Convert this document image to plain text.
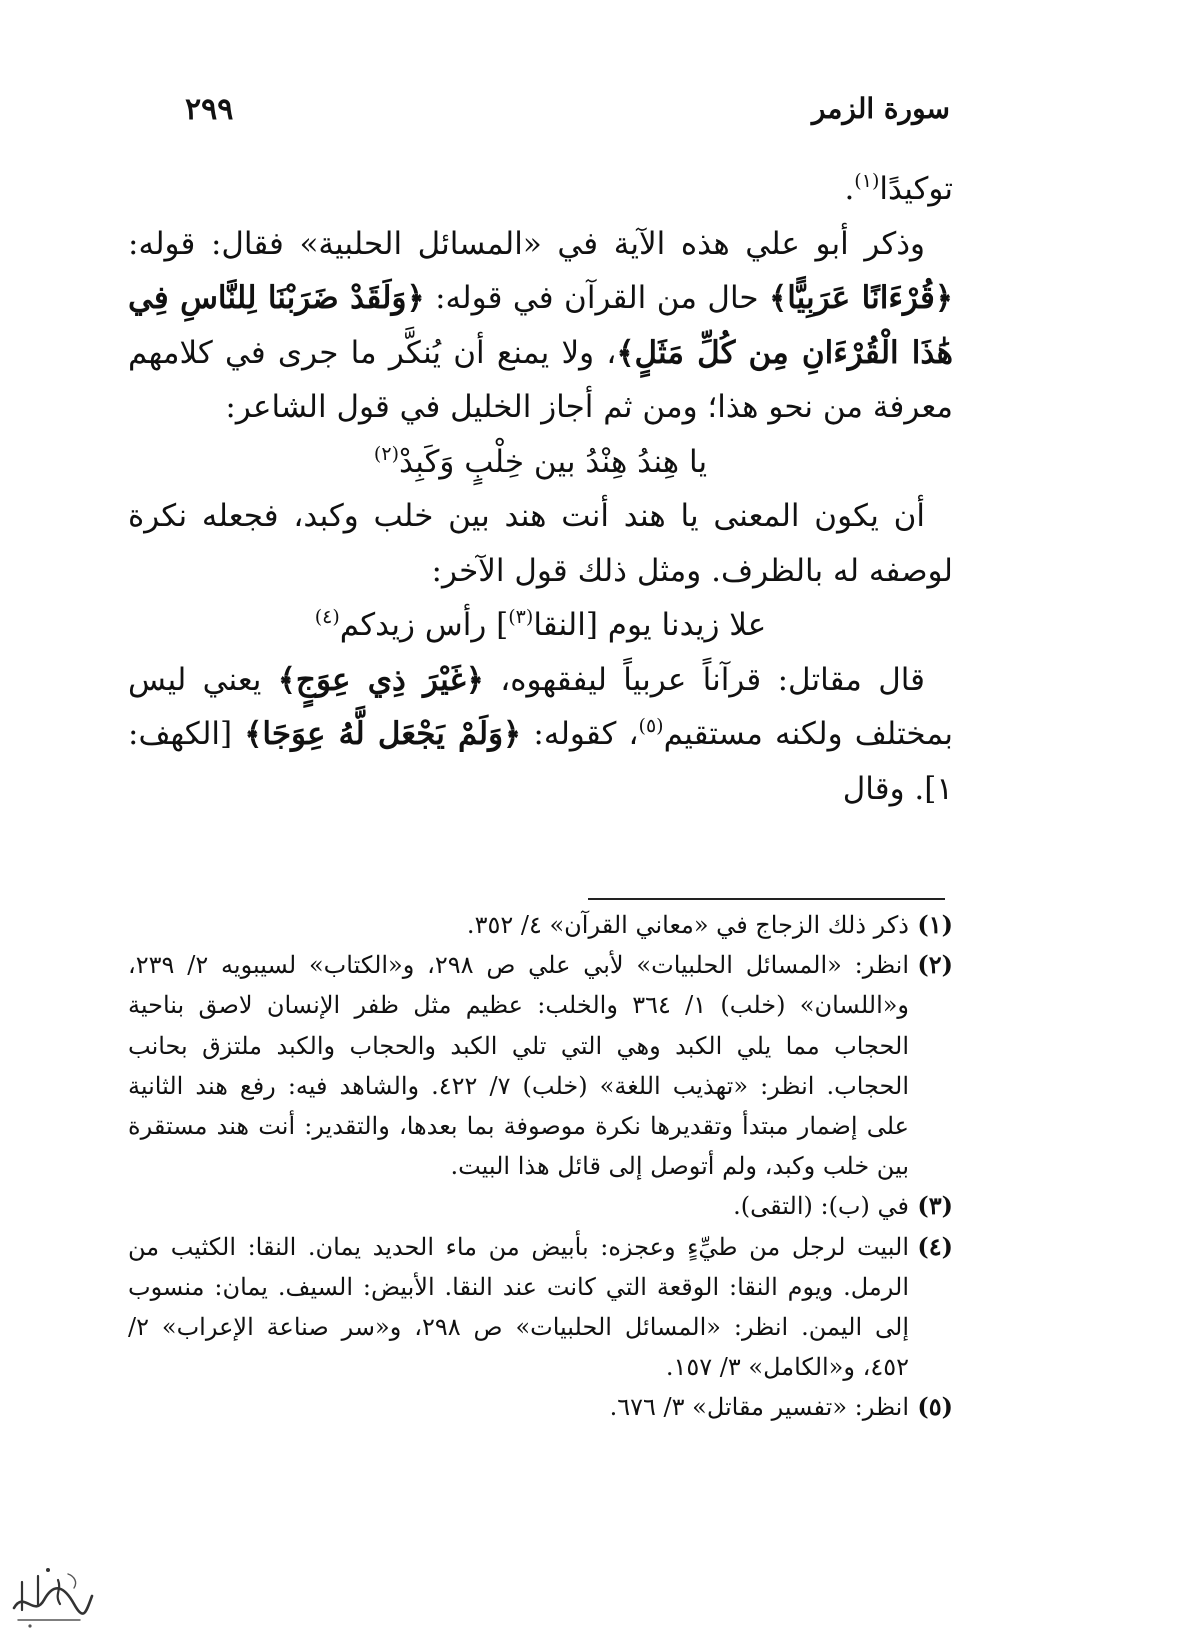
سورة الزمر
٢٩٩

توكيدًا$^{(١)}$.

وذكر أبو علي هذه الآية في «المسائل الحلبية» فقال: قوله: ﴿قُرْءَانًا عَرَبِيًّا﴾ حال من القرآن في قوله: ﴿وَلَقَدْ ضَرَبْنَا لِلنَّاسِ فِي هَٰذَا الْقُرْءَانِ مِن كُلِّ مَثَلٍ﴾، ولا يمنع أن يُنكَّر ما جرى في كلامهم معرفة من نحو هذا؛ ومن ثم أجاز الخليل في قول الشاعر:

يا هِندُ هِنْدُ بين خِلْبٍ وَكَبِدْ$^{(٢)}$

أن يكون المعنى يا هند أنت هند بين خلب وكبد، فجعله نكرة لوصفه له بالظرف. ومثل ذلك قول الآخر:

علا زيدنا يوم [النقا$^{(٣)}$] رأس زيدكم$^{(٤)}$

قال مقاتل: قرآناً عربياً ليفقهوه، ﴿غَيْرَ ذِي عِوَجٍ﴾ يعني ليس بمختلف ولكنه مستقيم$^{(٥)}$، كقوله: ﴿وَلَمْ يَجْعَل لَّهُ عِوَجَا﴾ [الكهف: ١]. وقال

(١)
ذكر ذلك الزجاج في «معاني القرآن» ٤/ ٣٥٢.
(٢)
انظر: «المسائل الحلبيات» لأبي علي ص ٢٩٨، و«الكتاب» لسيبويه ٢/ ٢٣٩، و«اللسان» (خلب) ١/ ٣٦٤ والخلب: عظيم مثل ظفر الإنسان لاصق بناحية الحجاب مما يلي الكبد وهي التي تلي الكبد والحجاب والكبد ملتزق بحانب الحجاب. انظر: «تهذيب اللغة» (خلب) ٧/ ٤٢٢. والشاهد فيه: رفع هند الثانية على إضمار مبتدأ وتقديرها نكرة موصوفة بما بعدها، والتقدير: أنت هند مستقرة بين خلب وكبد، ولم أتوصل إلى قائل هذا البيت.
(٣)
في (ب): (التقى).
(٤)
البيت لرجل من طيِّءٍ وعجزه: بأبيض من ماء الحديد يمان. النقا: الكثيب من الرمل. ويوم النقا: الوقعة التي كانت عند النقا. الأبيض: السيف. يمان: منسوب إلى اليمن. انظر: «المسائل الحلبيات» ص ٢٩٨، و«سر صناعة الإعراب» ٢/ ٤٥٢، و«الكامل» ٣/ ١٥٧.
(٥)
انظر: «تفسير مقاتل» ٣/ ٦٧٦.
